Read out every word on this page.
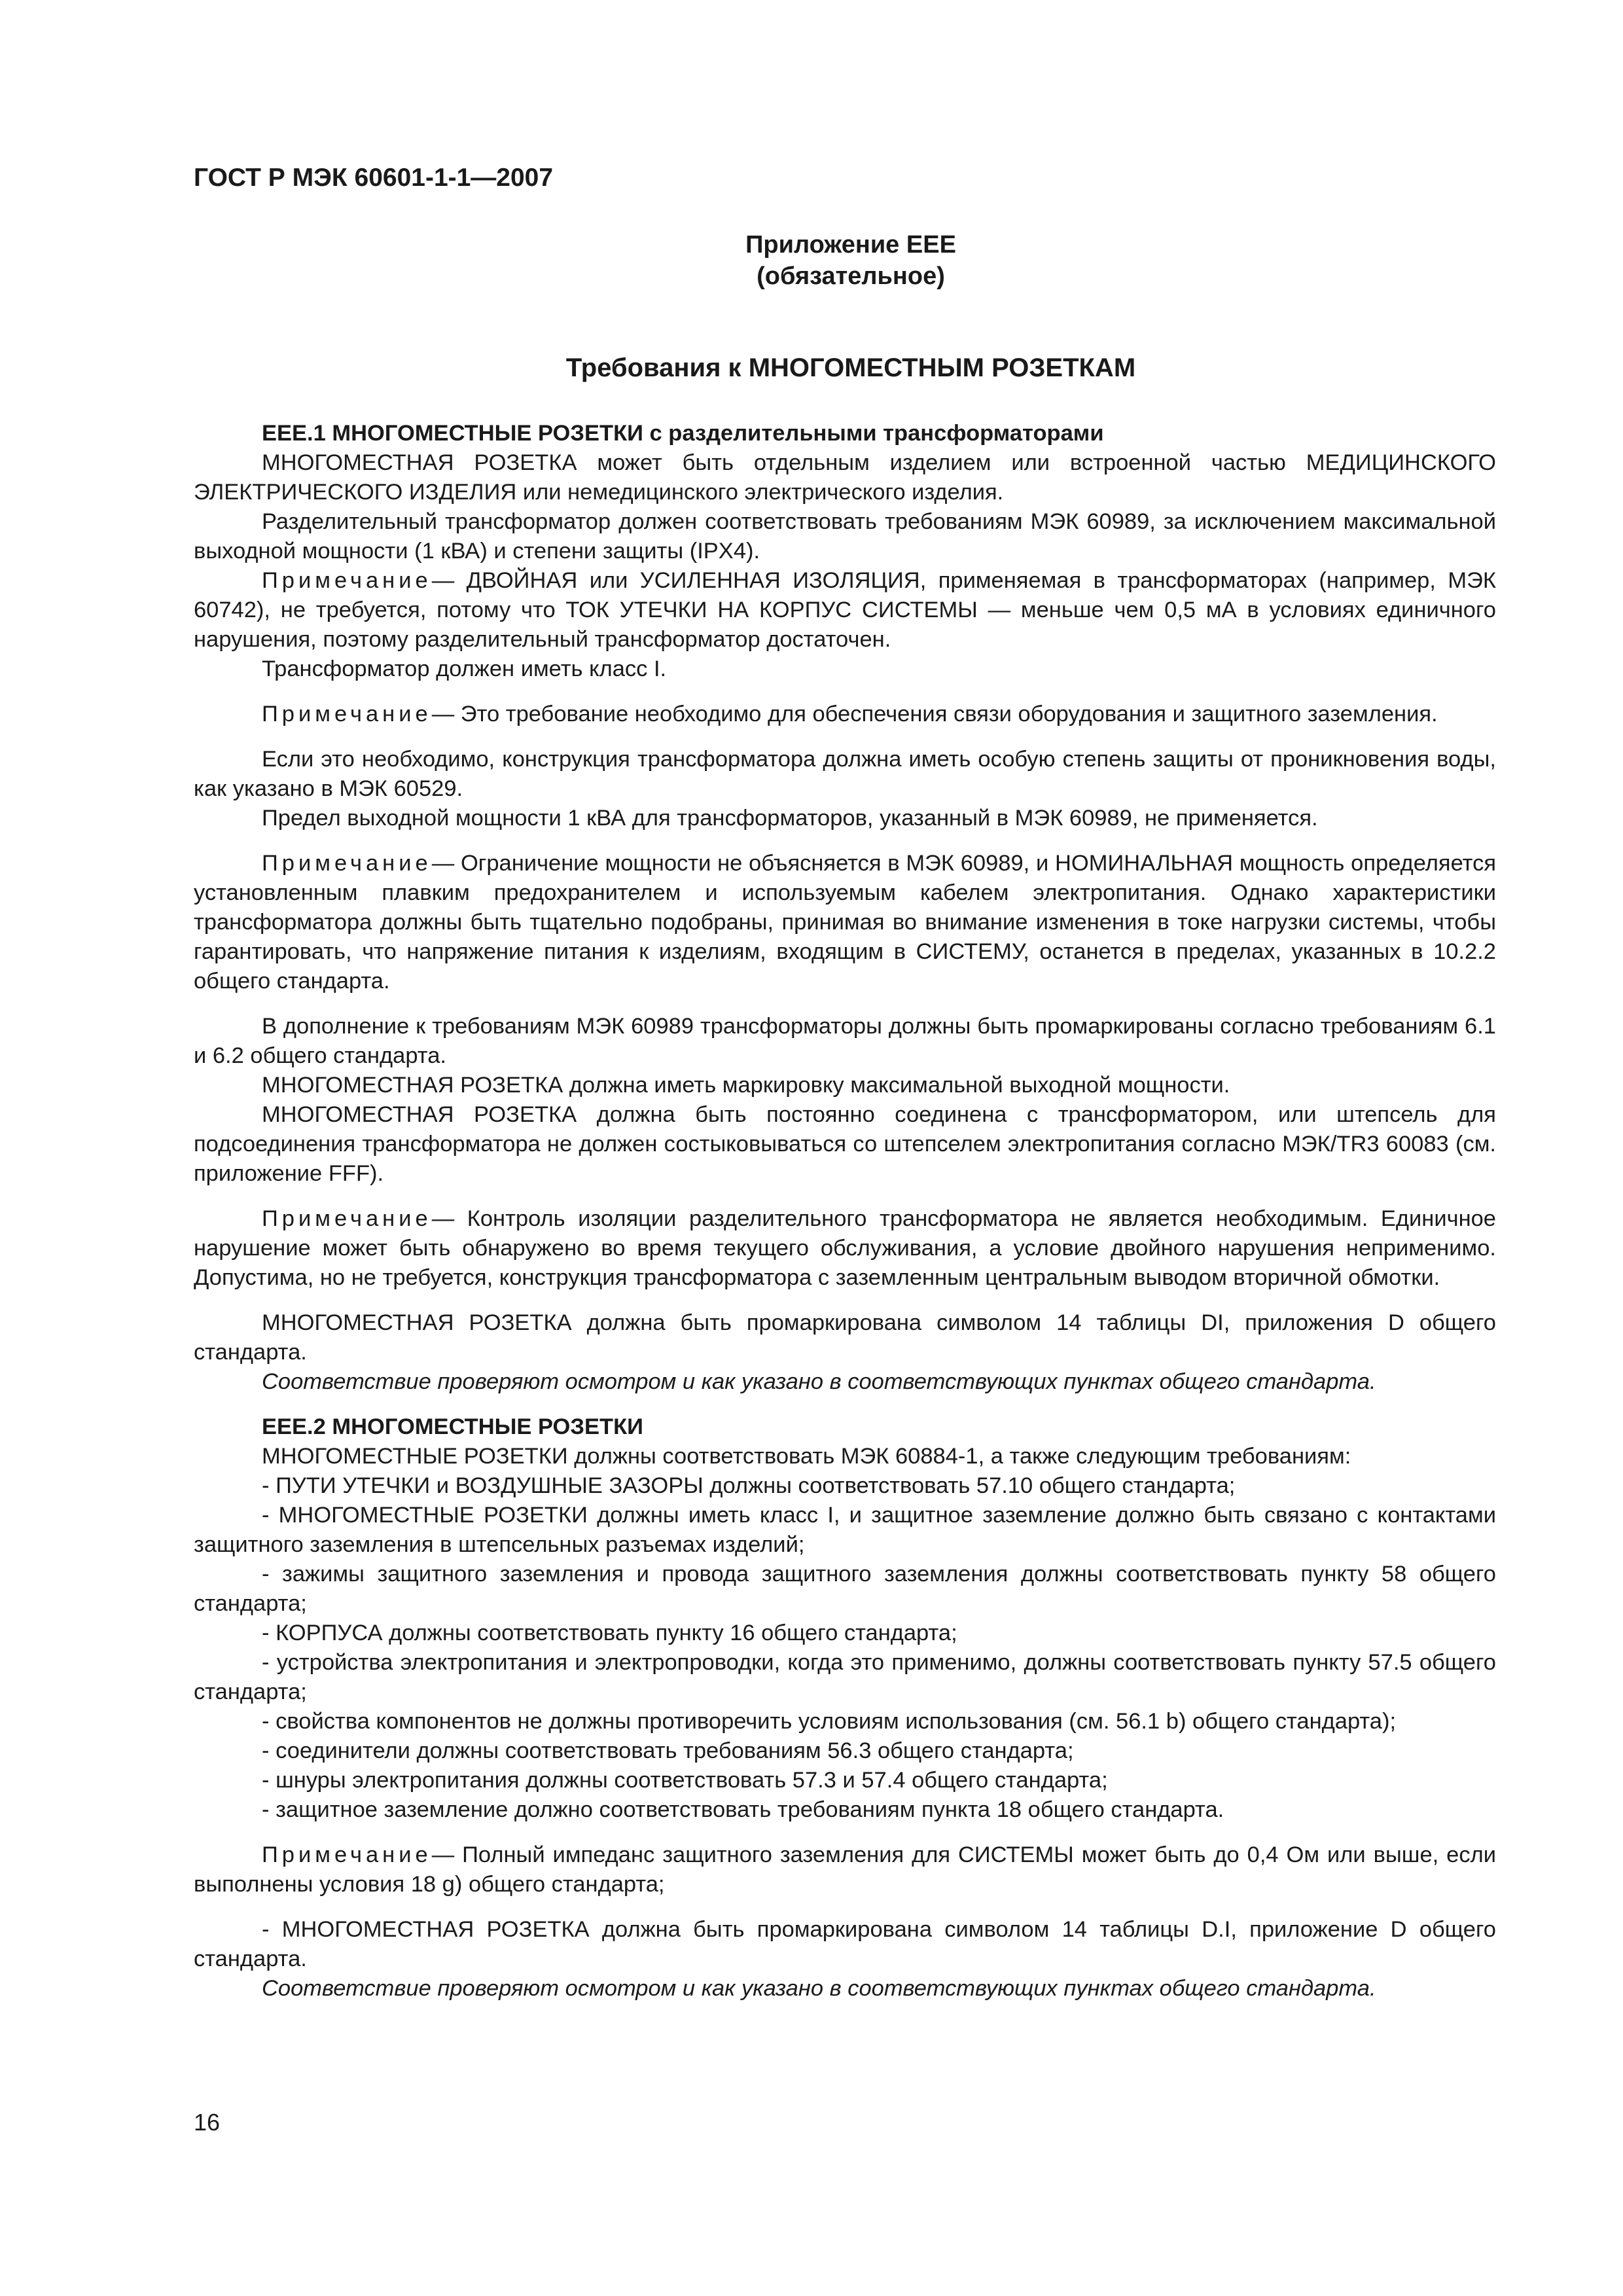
ГОСТ Р МЭК 60601-1-1—2007
Приложение ЕЕЕ
(обязательное)
Требования к МНОГОМЕСТНЫМ РОЗЕТКАМ
ЕЕЕ.1 МНОГОМЕСТНЫЕ РОЗЕТКИ с разделительными трансформаторами

МНОГОМЕСТНАЯ РОЗЕТКА может быть отдельным изделием или встроенной частью МЕДИЦИНСКОГО ЭЛЕКТРИЧЕСКОГО ИЗДЕЛИЯ или немедицинского электрического изделия.

Разделительный трансформатор должен соответствовать требованиям МЭК 60989, за исключением максимальной выходной мощности (1 кВА) и степени защиты (IPX4).

Примечание— ДВОЙНАЯ или УСИЛЕННАЯ ИЗОЛЯЦИЯ, применяемая в трансформаторах (например, МЭК 60742), не требуется, потому что ТОК УТЕЧКИ НА КОРПУС СИСТЕМЫ — меньше чем 0,5 мА в условиях единичного нарушения, поэтому разделительный трансформатор достаточен.

Трансформатор должен иметь класс I.

Примечание— Это требование необходимо для обеспечения связи оборудования и защитного заземления.

Если это необходимо, конструкция трансформатора должна иметь особую степень защиты от проникновения воды, как указано в МЭК 60529.

Предел выходной мощности 1 кВА для трансформаторов, указанный в МЭК 60989, не применяется.

Примечание— Ограничение мощности не объясняется в МЭК 60989, и НОМИНАЛЬНАЯ мощность определяется установленным плавким предохранителем и используемым кабелем электропитания. Однако характеристики трансформатора должны быть тщательно подобраны, принимая во внимание изменения в токе нагрузки системы, чтобы гарантировать, что напряжение питания к изделиям, входящим в СИСТЕМУ, останется в пределах, указанных в 10.2.2 общего стандарта.

В дополнение к требованиям МЭК 60989 трансформаторы должны быть промаркированы согласно требованиям 6.1 и 6.2 общего стандарта.

МНОГОМЕСТНАЯ РОЗЕТКА должна иметь маркировку максимальной выходной мощности.

МНОГОМЕСТНАЯ РОЗЕТКА должна быть постоянно соединена с трансформатором, или штепсель для подсоединения трансформатора не должен состыковываться со штепселем электропитания согласно МЭК/TR3 60083 (см. приложение FFF).

Примечание— Контроль изоляции разделительного трансформатора не является необходимым. Единичное нарушение может быть обнаружено во время текущего обслуживания, а условие двойного нарушения неприменимо. Допустима, но не требуется, конструкция трансформатора с заземленным центральным выводом вторичной обмотки.

МНОГОМЕСТНАЯ РОЗЕТКА должна быть промаркирована символом 14 таблицы DI, приложения D общего стандарта.

Соответствие проверяют осмотром и как указано в соответствующих пунктах общего стандарта.

ЕЕЕ.2 МНОГОМЕСТНЫЕ РОЗЕТКИ

МНОГОМЕСТНЫЕ РОЗЕТКИ должны соответствовать МЭК 60884-1, а также следующим требованиям:

- ПУТИ УТЕЧКИ и ВОЗДУШНЫЕ ЗАЗОРЫ должны соответствовать 57.10 общего стандарта;

- МНОГОМЕСТНЫЕ РОЗЕТКИ должны иметь класс I, и защитное заземление должно быть связано с контактами защитного заземления в штепсельных разъемах изделий;

- зажимы защитного заземления и провода защитного заземления должны соответствовать пункту 58 общего стандарта;

- КОРПУСА должны соответствовать пункту 16 общего стандарта;

- устройства электропитания и электропроводки, когда это применимо, должны соответствовать пункту 57.5 общего стандарта;

- свойства компонентов не должны противоречить условиям использования (см. 56.1 b) общего стандарта);

- соединители должны соответствовать требованиям 56.3 общего стандарта;

- шнуры электропитания должны соответствовать 57.3 и 57.4 общего стандарта;

- защитное заземление должно соответствовать требованиям пункта 18 общего стандарта.

Примечание— Полный импеданс защитного заземления для СИСТЕМЫ может быть до 0,4 Ом или выше, если выполнены условия 18 g) общего стандарта;

- МНОГОМЕСТНАЯ РОЗЕТКА должна быть промаркирована символом 14 таблицы D.I, приложение D общего стандарта.

Соответствие проверяют осмотром и как указано в соответствующих пунктах общего стандарта.

16
